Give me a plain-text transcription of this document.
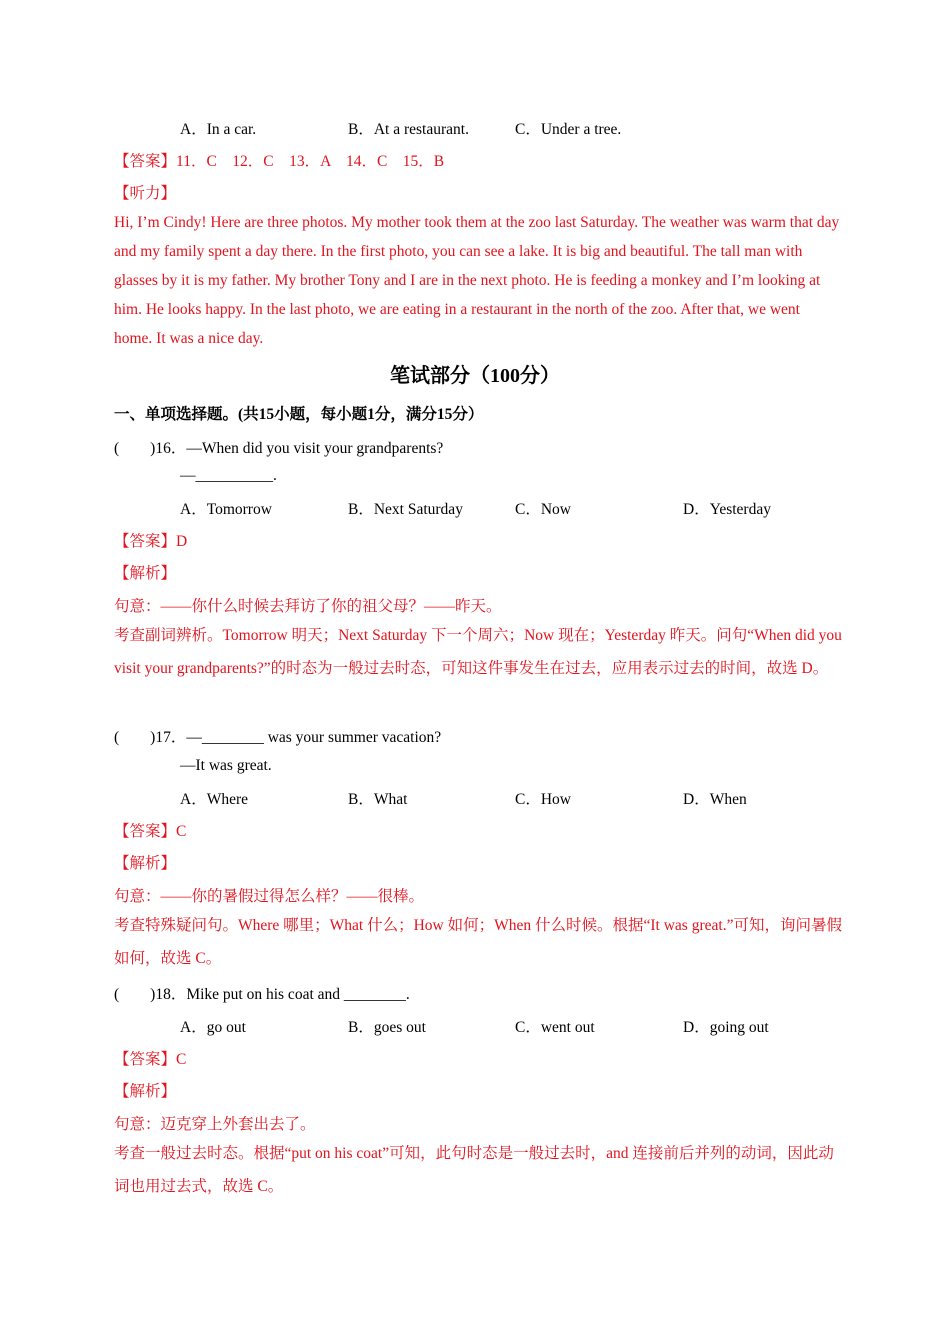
A．In a car.	B．At a restaurant.	C．Under a tree.
【答案】11．C　12．C　13．A　14．C　15．B
【听力】
Hi, I’m Cindy! Here are three photos. My mother took them at the zoo last Saturday. The weather was warm that day and my family spent a day there. In the first photo, you can see a lake. It is big and beautiful. The tall man with glasses by it is my father. My brother Tony and I are in the next photo. He is feeding a monkey and I’m looking at him. He looks happy. In the last photo, we are eating in a restaurant in the north of the zoo. After that, we went home. It was a nice day.
笔试部分（100分）
一、单项选择题。(共15小题，每小题1分，满分15分）
(　　)16．—When did you visit your grandparents?
—__________.
A．Tomorrow	B．Next Saturday	C．Now	D．Yesterday
【答案】D
【解析】
句意：——你什么时候去拜访了你的祖父母？——昨天。
考查副词辨析。Tomorrow 明天；Next Saturday 下一个周六；Now 现在；Yesterday 昨天。问句“When did you visit your grandparents?”的时态为一般过去时态，可知这件事发生在过去，应用表示过去的时间，故选 D。
(　　)17．—________ was your summer vacation?
—It was great.
A．Where	B．What	C．How	D．When
【答案】C
【解析】
句意：——你的暑假过得怎么样？——很棒。
考查特殊疑问句。Where 哪里；What 什么；How 如何；When 什么时候。根据“It was great.”可知，询问暑假如何，故选 C。
(　　)18．Mike put on his coat and ________.
A．go out	B．goes out	C．went out	D．going out
【答案】C
【解析】
句意：迈克穿上外套出去了。
考查一般过去时态。根据“put on his coat”可知，此句时态是一般过去时，and 连接前后并列的动词，因此动词也用过去式，故选 C。
